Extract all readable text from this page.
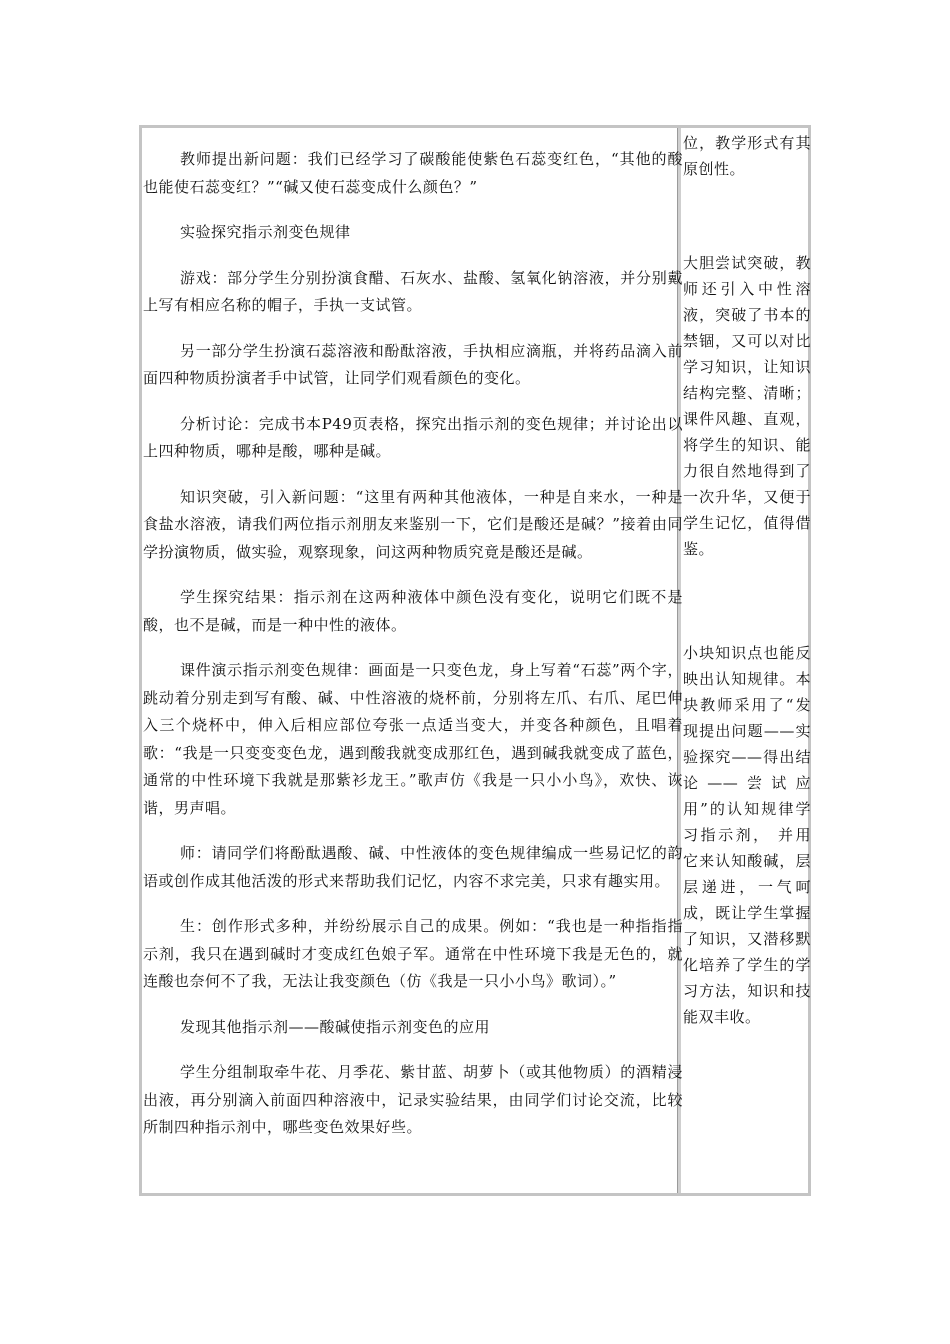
教师提出新问题：我们已经学习了碳酸能使紫色石蕊变红色，“其他的酸也能使石蕊变红？”“碱又使石蕊变成什么颜色？”

实验探究指示剂变色规律

游戏：部分学生分别扮演食醋、石灰水、盐酸、氢氧化钠溶液，并分别戴上写有相应名称的帽子，手执一支试管。

另一部分学生扮演石蕊溶液和酚酞溶液，手执相应滴瓶，并将药品滴入前面四种物质扮演者手中试管，让同学们观看颜色的变化。

分析讨论：完成书本P49页表格，探究出指示剂的变色规律；并讨论出以上四种物质，哪种是酸，哪种是碱。

知识突破，引入新问题：“这里有两种其他液体，一种是自来水，一种是食盐水溶液，请我们两位指示剂朋友来鉴别一下，它们是酸还是碱？”接着由同学扮演物质，做实验，观察现象，问这两种物质究竟是酸还是碱。

学生探究结果：指示剂在这两种液体中颜色没有变化，说明它们既不是酸，也不是碱，而是一种中性的液体。

课件演示指示剂变色规律：画面是一只变色龙，身上写着“石蕊”两个字，跳动着分别走到写有酸、碱、中性溶液的烧杯前，分别将左爪、右爪、尾巴伸入三个烧杯中，伸入后相应部位夸张一点适当变大，并变各种颜色，且唱着歌：“我是一只变变变色龙，遇到酸我就变成那红色，遇到碱我就变成了蓝色，通常的中性环境下我就是那紫衫龙王。”歌声仿《我是一只小小鸟》，欢快、诙谐，男声唱。

师：请同学们将酚酞遇酸、碱、中性液体的变色规律编成一些易记忆的韵语或创作成其他活泼的形式来帮助我们记忆，内容不求完美，只求有趣实用。

生：创作形式多种，并纷纷展示自己的成果。例如：“我也是一种指指指示剂，我只在遇到碱时才变成红色娘子军。通常在中性环境下我是无色的，就连酸也奈何不了我，无法让我变颜色（仿《我是一只小小鸟》歌词）。”

发现其他指示剂——酸碱使指示剂变色的应用

学生分组制取牵牛花、月季花、紫甘蓝、胡萝卜（或其他物质）的酒精浸出液，再分别滴入前面四种溶液中，记录实验结果，由同学们讨论交流，比较所制四种指示剂中，哪些变色效果好些。

位，教学形式有其原创性。
大胆尝试突破，教师还引入中性溶液，突破了书本的禁锢，又可以对比学习知识，让知识结构完整、清晰；课件风趣、直观，将学生的知识、能力很自然地得到了一次升华，又便于学生记忆，值得借鉴。
小块知识点也能反映出认知规律。本块教师采用了“发现提出问题——实验探究——得出结论——尝试应用”的认知规律学习指示剂， 并用它来认知酸碱，层层递进，一气呵成，既让学生掌握了知识，又潜移默化培养了学生的学习方法，知识和技能双丰收。
